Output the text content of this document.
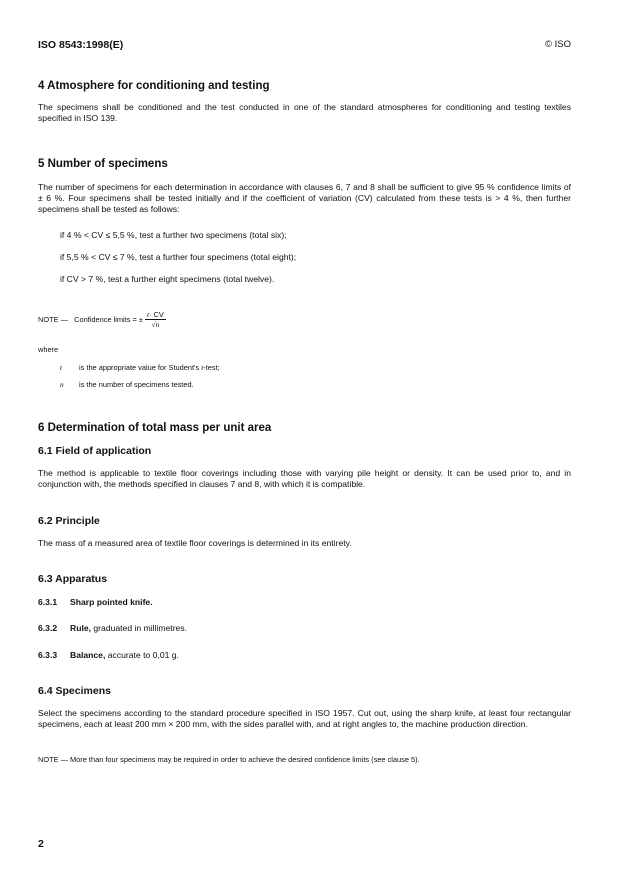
ISO 8543:1998(E)	© ISO
4 Atmosphere for conditioning and testing

The specimens shall be conditioned and the test conducted in one of the standard atmospheres for conditioning and testing textiles specified in ISO 139.

5 Number of specimens

The number of specimens for each determination in accordance with clauses 6, 7 and 8 shall be sufficient to give 95 % confidence limits of ± 6 %. Four specimens shall be tested initially and if the coefficient of variation (CV) calculated from these tests is > 4 %, then further specimens shall be tested as follows:

if 4 % < CV ≤ 5,5 %, test a further two specimens (total six);

if 5,5 % < CV ≤ 7 %, test a further four specimens (total eight);

if CV > 7 %, test a further eight specimens (total twelve).

NOTE — Confidence limits = ± $\frac{t\cdot CV}{√n}$
where
t is the appropriate value for Student's t-test;
n is the number of specimens tested.
6 Determination of total mass per unit area
6.1 Field of application

The method is applicable to textile floor coverings including those with varying pile height or density. It can be used prior to, and in conjunction with, the methods specified in clauses 7 and 8, with which it is compatible.

6.2 Principle

The mass of a measured area of textile floor coverings is determined in its entirety.

6.3 Apparatus

6.3.1 Sharp pointed knife.

6.3.2 Rule, graduated in millimetres.

6.3.3 Balance, accurate to 0,01 g.

6.4 Specimens

Select the specimens according to the standard procedure specified in ISO 1957. Cut out, using the sharp knife, at least four rectangular specimens, each at least 200 mm × 200 mm, with the sides parallel with, and at right angles to, the machine production direction.

NOTE — More than four specimens may be required in order to achieve the desired confidence limits (see clause 5).
2
